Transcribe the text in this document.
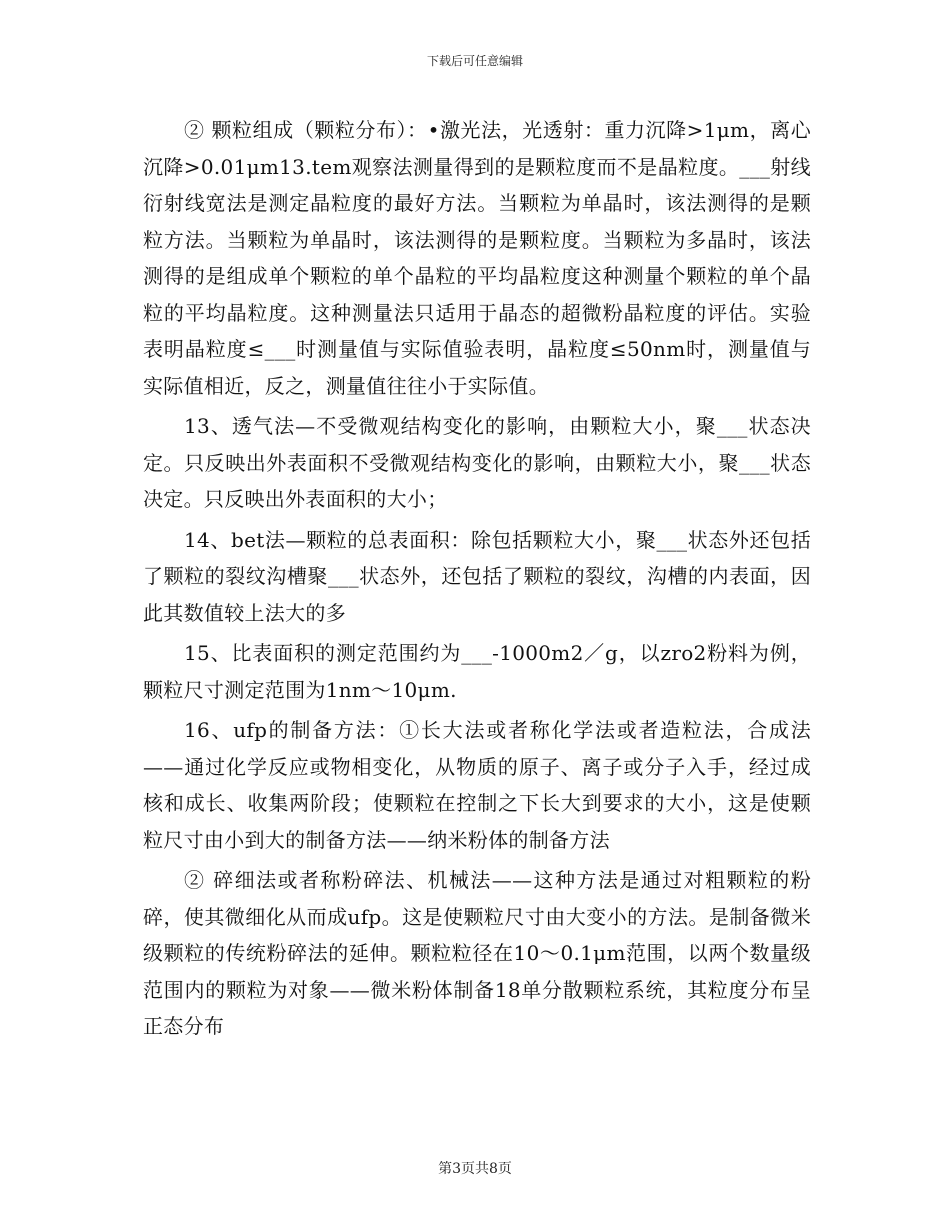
下载后可任意编辑

② 颗粒组成（颗粒分布）：•激光法，光透射：重力沉降>1μm，离心沉降>0.01μm13.tem观察法测量得到的是颗粒度而不是晶粒度。___射线衍射线宽法是测定晶粒度的最好方法。当颗粒为单晶时，该法测得的是颗粒方法。当颗粒为单晶时，该法测得的是颗粒度。当颗粒为多晶时，该法测得的是组成单个颗粒的单个晶粒的平均晶粒度这种测量个颗粒的单个晶粒的平均晶粒度。这种测量法只适用于晶态的超微粉晶粒度的评估。实验表明晶粒度≤___时测量值与实际值验表明，晶粒度≤50nm时，测量值与实际值相近，反之，测量值往往小于实际值。

13、透气法—不受微观结构变化的影响，由颗粒大小，聚___状态决定。只反映出外表面积不受微观结构变化的影响，由颗粒大小，聚___状态决定。只反映出外表面积的大小；

14、bet法—颗粒的总表面积：除包括颗粒大小，聚___状态外还包括了颗粒的裂纹沟槽聚___状态外，还包括了颗粒的裂纹，沟槽的内表面，因此其数值较上法大的多

15、比表面积的测定范围约为___-1000m2／g，以zro2粉料为例，颗粒尺寸测定范围为1nm～10μm.

16、ufp的制备方法：①长大法或者称化学法或者造粒法，合成法——通过化学反应或物相变化，从物质的原子、离子或分子入手，经过成核和成长、收集两阶段；使颗粒在控制之下长大到要求的大小，这是使颗粒尺寸由小到大的制备方法——纳米粉体的制备方法

② 碎细法或者称粉碎法、机械法——这种方法是通过对粗颗粒的粉碎，使其微细化从而成ufp。这是使颗粒尺寸由大变小的方法。是制备微米级颗粒的传统粉碎法的延伸。颗粒粒径在10～0.1μm范围，以两个数量级范围内的颗粒为对象——微米粉体制备18单分散颗粒系统，其粒度分布呈正态分布

第3页共8页
